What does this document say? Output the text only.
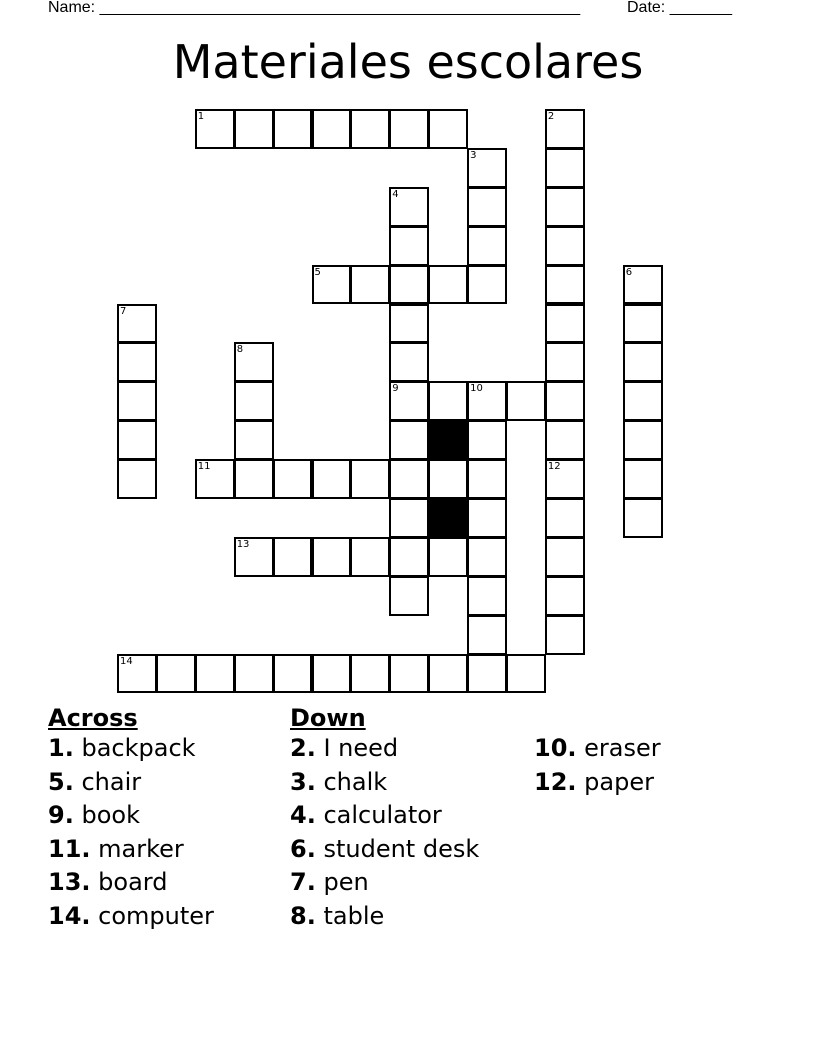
Name: ______________________________________________________	Date: _______
Materiales escolares
1	2
3
4
9
5	6
7
8
10
11	12
13
14
Across
1. backpack
5. chair
9. book
11. marker
13. board
14. computer
Down
2. I need
3. chalk
4. calculator
6. student desk
7. pen
8. table
10. eraser
12. paper
